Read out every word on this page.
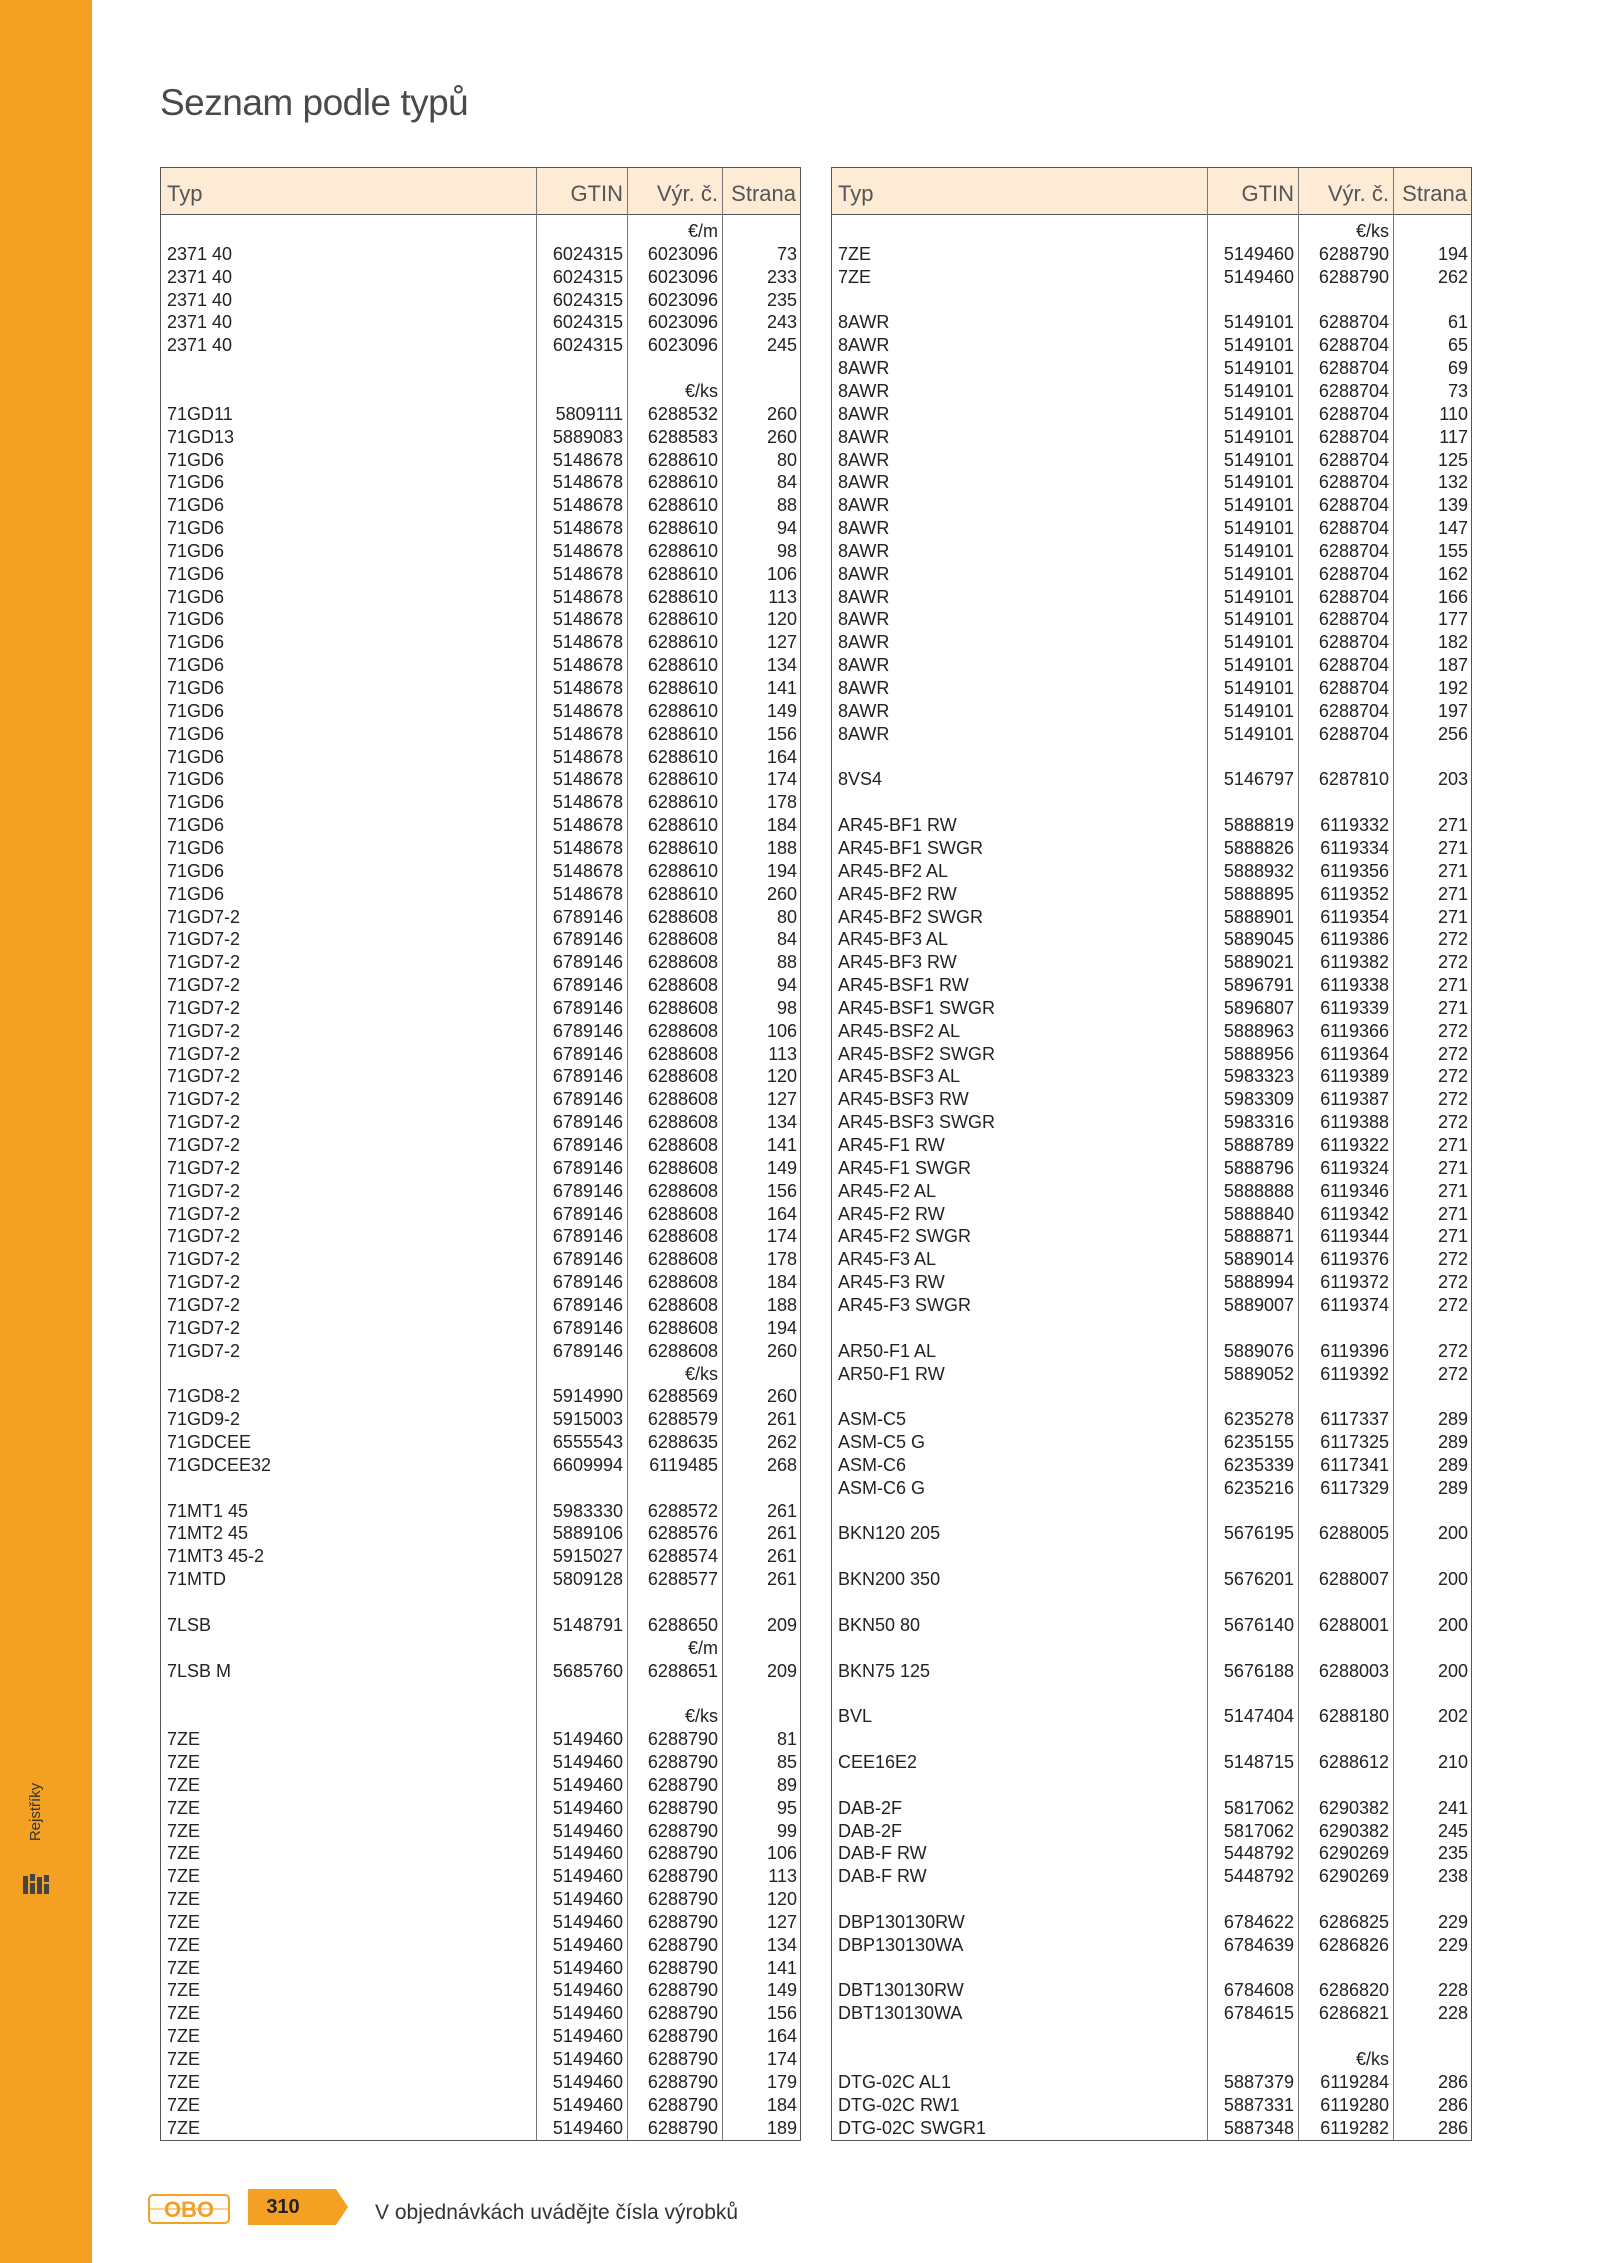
Rejstříky
Seznam podle typů
Typ	GTIN	Výr. č. Strana
€/m
2371 40	6024315	6023096	73
2371 40	6024315	6023096	233
2371 40	6024315	6023096	235
2371 40	6024315	6023096	243
2371 40	6024315	6023096	245
€/ks
71GD11	5809111	6288532	260
71GD13	5889083	6288583	260
71GD6	5148678	6288610	80
71GD6	5148678	6288610	84
71GD6	5148678	6288610	88
71GD6	5148678	6288610	94
71GD6	5148678	6288610	98
71GD6	5148678	6288610	106
71GD6	5148678	6288610	113
71GD6	5148678	6288610	120
71GD6	5148678	6288610	127
71GD6	5148678	6288610	134
71GD6	5148678	6288610	141
71GD6	5148678	6288610	149
71GD6	5148678	6288610	156
71GD6	5148678	6288610	164
71GD6	5148678	6288610	174
71GD6	5148678	6288610	178
71GD6	5148678	6288610	184
71GD6	5148678	6288610	188
71GD6	5148678	6288610	194
71GD6	5148678	6288610	260
71GD7-2	6789146	6288608	80
71GD7-2	6789146	6288608	84
71GD7-2	6789146	6288608	88
71GD7-2	6789146	6288608	94
71GD7-2	6789146	6288608	98
71GD7-2	6789146	6288608	106
71GD7-2	6789146	6288608	113
71GD7-2	6789146	6288608	120
71GD7-2	6789146	6288608	127
71GD7-2	6789146	6288608	134
71GD7-2	6789146	6288608	141
71GD7-2	6789146	6288608	149
71GD7-2	6789146	6288608	156
71GD7-2	6789146	6288608	164
71GD7-2	6789146	6288608	174
71GD7-2	6789146	6288608	178
71GD7-2	6789146	6288608	184
71GD7-2	6789146	6288608	188
71GD7-2	6789146	6288608	194
71GD7-2	6789146	6288608	260
€/ks
71GD8-2	5914990	6288569	260
71GD9-2	5915003	6288579	261
71GDCEE	6555543	6288635	262
71GDCEE32	6609994	6119485	268
71MT1 45	5983330	6288572	261
71MT2 45	5889106	6288576	261
71MT3 45-2	5915027	6288574	261
71MTD	5809128	6288577	261
7LSB	5148791	6288650	209
€/m
7LSB M	5685760	6288651	209
€/ks
7ZE	5149460	6288790	81
7ZE	5149460	6288790	85
7ZE	5149460	6288790	89
7ZE	5149460	6288790	95
7ZE	5149460	6288790	99
7ZE	5149460	6288790	106
7ZE	5149460	6288790	113
7ZE	5149460	6288790	120
7ZE	5149460	6288790	127
7ZE	5149460	6288790	134
7ZE	5149460	6288790	141
7ZE	5149460	6288790	149
7ZE	5149460	6288790	156
7ZE	5149460	6288790	164
7ZE	5149460	6288790	174
7ZE	5149460	6288790	179
7ZE	5149460	6288790	184
7ZE	5149460	6288790	189
Typ	GTIN	Výr. č. Strana
€/ks
7ZE	5149460	6288790	194
7ZE	5149460	6288790	262
8AWR	5149101	6288704	61
8AWR	5149101	6288704	65
8AWR	5149101	6288704	69
8AWR	5149101	6288704	73
8AWR	5149101	6288704	110
8AWR	5149101	6288704	117
8AWR	5149101	6288704	125
8AWR	5149101	6288704	132
8AWR	5149101	6288704	139
8AWR	5149101	6288704	147
8AWR	5149101	6288704	155
8AWR	5149101	6288704	162
8AWR	5149101	6288704	166
8AWR	5149101	6288704	177
8AWR	5149101	6288704	182
8AWR	5149101	6288704	187
8AWR	5149101	6288704	192
8AWR	5149101	6288704	197
8AWR	5149101	6288704	256
8VS4	5146797	6287810	203
AR45-BF1 RW	5888819	6119332	271
AR45-BF1 SWGR	5888826	6119334	271
AR45-BF2 AL	5888932	6119356	271
AR45-BF2 RW	5888895	6119352	271
AR45-BF2 SWGR	5888901	6119354	271
AR45-BF3 AL	5889045	6119386	272
AR45-BF3 RW	5889021	6119382	272
AR45-BSF1 RW	5896791	6119338	271
AR45-BSF1 SWGR	5896807	6119339	271
AR45-BSF2 AL	5888963	6119366	272
AR45-BSF2 SWGR	5888956	6119364	272
AR45-BSF3 AL	5983323	6119389	272
AR45-BSF3 RW	5983309	6119387	272
AR45-BSF3 SWGR	5983316	6119388	272
AR45-F1 RW	5888789	6119322	271
AR45-F1 SWGR	5888796	6119324	271
AR45-F2 AL	5888888	6119346	271
AR45-F2 RW	5888840	6119342	271
AR45-F2 SWGR	5888871	6119344	271
AR45-F3 AL	5889014	6119376	272
AR45-F3 RW	5888994	6119372	272
AR45-F3 SWGR	5889007	6119374	272
AR50-F1 AL	5889076	6119396	272
AR50-F1 RW	5889052	6119392	272
ASM-C5	6235278	6117337	289
ASM-C5 G	6235155	6117325	289
ASM-C6	6235339	6117341	289
ASM-C6 G	6235216	6117329	289
BKN120 205	5676195	6288005	200
BKN200 350	5676201	6288007	200
BKN50 80	5676140	6288001	200
BKN75 125	5676188	6288003	200
BVL	5147404	6288180	202
CEE16E2	5148715	6288612	210
DAB-2F	5817062	6290382	241
DAB-2F	5817062	6290382	245
DAB-F RW	5448792	6290269	235
DAB-F RW	5448792	6290269	238
DBP130130RW	6784622	6286825	229
DBP130130WA	6784639	6286826	229
DBT130130RW	6784608	6286820	228
DBT130130WA	6784615	6286821	228
€/ks
DTG-02C AL1	5887379	6119284	286
DTG-02C RW1	5887331	6119280	286
DTG-02C SWGR1	5887348	6119282	286
OBO	310	V objednávkách uvádějte čísla výrobků
